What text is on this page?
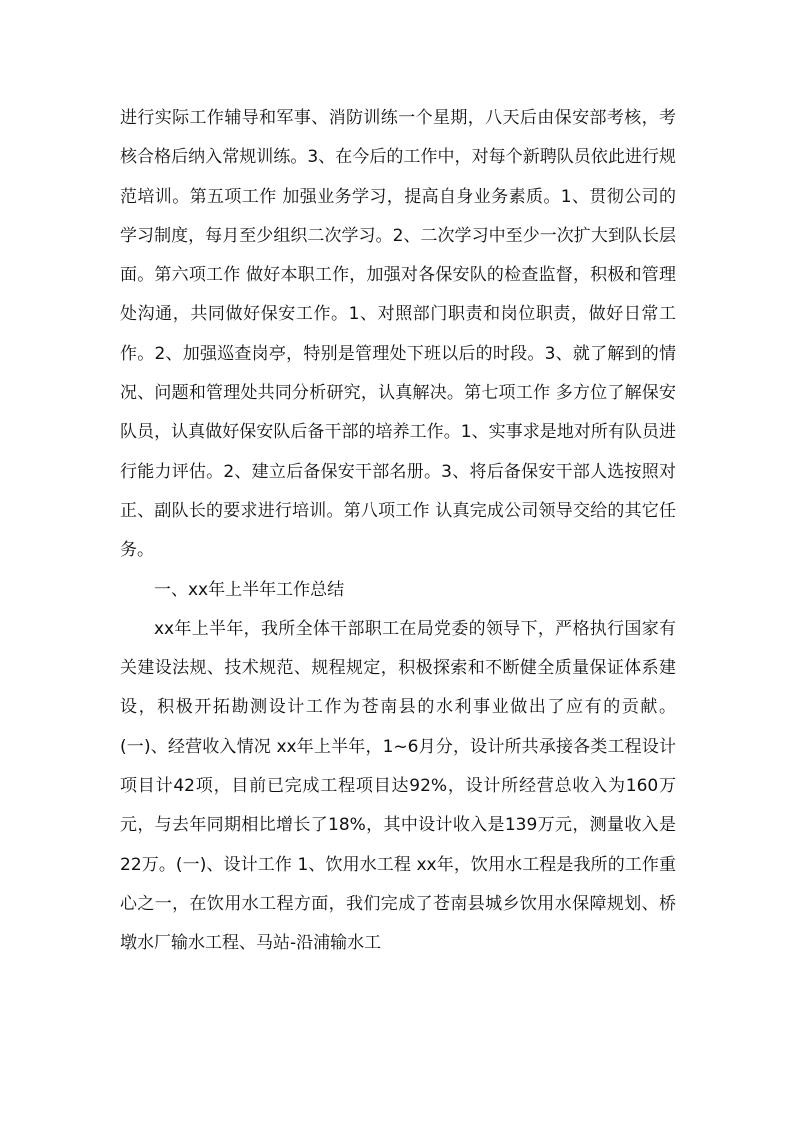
进行实际工作辅导和军事、消防训练一个星期，八天后由保安部考核，考核合格后纳入常规训练。3、在今后的工作中，对每个新聘队员依此进行规范培训。第五项工作 加强业务学习，提高自身业务素质。1、贯彻公司的学习制度，每月至少组织二次学习。2、二次学习中至少一次扩大到队长层面。第六项工作 做好本职工作，加强对各保安队的检查监督，积极和管理处沟通，共同做好保安工作。1、对照部门职责和岗位职责，做好日常工作。2、加强巡查岗亭，特别是管理处下班以后的时段。3、就了解到的情况、问题和管理处共同分析研究，认真解决。第七项工作 多方位了解保安队员，认真做好保安队后备干部的培养工作。1、实事求是地对所有队员进行能力评估。2、建立后备保安干部名册。3、将后备保安干部人选按照对正、副队长的要求进行培训。第八项工作 认真完成公司领导交给的其它任务。

一、xx年上半年工作总结

xx年上半年，我所全体干部职工在局党委的领导下，严格执行国家有关建设法规、技术规范、规程规定，积极探索和不断健全质量保证体系建设，积极开拓勘测设计工作为苍南县的水利事业做出了应有的贡献。(一)、经营收入情况 xx年上半年，1~6月分，设计所共承接各类工程设计项目计42项，目前已完成工程项目达92%，设计所经营总收入为160万元，与去年同期相比增长了18%，其中设计收入是139万元，测量收入是22万。(一)、设计工作 1、饮用水工程 xx年，饮用水工程是我所的工作重心之一，在饮用水工程方面，我们完成了苍南县城乡饮用水保障规划、桥墩水厂输水工程、马站-沿浦输水工
